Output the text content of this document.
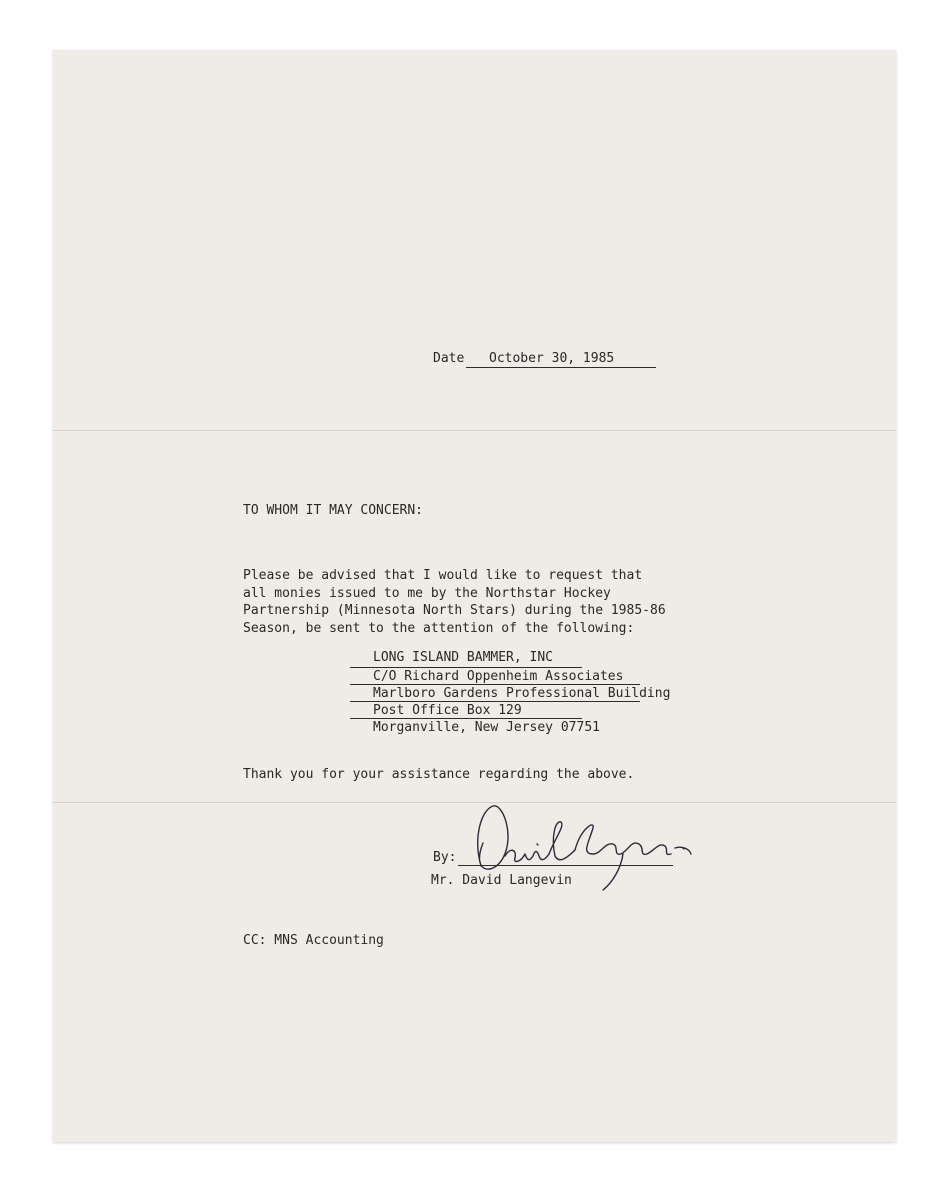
Date October 30, 1985
TO WHOM IT MAY CONCERN:
Please be advised that I would like to request that
all monies issued to me by the Northstar Hockey
Partnership (Minnesota North Stars) during the 1985-86
Season, be sent to the attention of the following:
LONG ISLAND BAMMER, INC
C/O Richard Oppenheim Associates
Marlboro Gardens Professional Building
Post Office Box 129
Morganville, New Jersey 07751
Thank you for your assistance regarding the above.
By:
Mr. David Langevin
CC: MNS Accounting
